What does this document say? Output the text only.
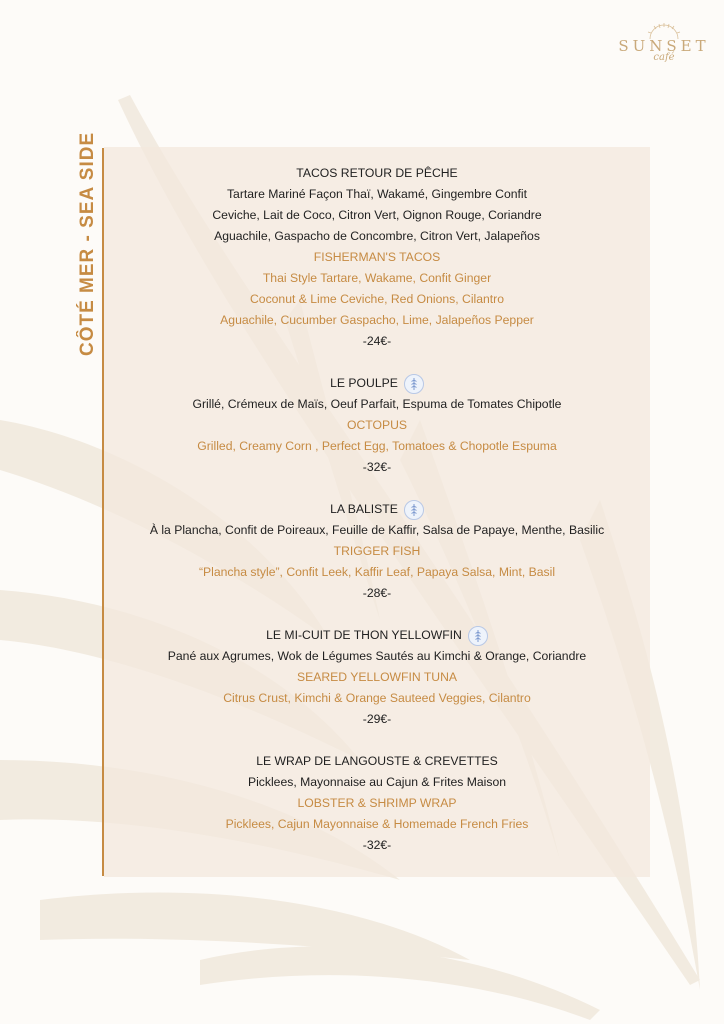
SUNSET
café
CÔTÉ MER - SEA SIDE	TACOS RETOUR DE PÊCHE
Tartare Mariné Façon Thaï, Wakamé, Gingembre Confit
Ceviche, Lait de Coco, Citron Vert, Oignon Rouge, Coriandre
Aguachile, Gaspacho de Concombre, Citron Vert, Jalapeños
FISHERMAN'S TACOS
Thai Style Tartare, Wakame, Confit Ginger
Coconut & Lime Ceviche, Red Onions, Cilantro
Aguachile, Cucumber Gaspacho, Lime, Jalapeños Pepper
-24€-
LE POULPE
Grillé, Crémeux de Maïs, Oeuf Parfait, Espuma de Tomates Chipotle
OCTOPUS
Grilled, Creamy Corn , Perfect Egg, Tomatoes & Chopotle Espuma
-32€-
LA BALISTE
À la Plancha, Confit de Poireaux, Feuille de Kaffir, Salsa de Papaye, Menthe, Basilic
TRIGGER FISH
“Plancha style”, Confit Leek, Kaffir Leaf, Papaya Salsa, Mint, Basil
-28€-
LE MI-CUIT DE THON YELLOWFIN
Pané aux Agrumes, Wok de Légumes Sautés au Kimchi & Orange, Coriandre
SEARED YELLOWFIN TUNA
Citrus Crust, Kimchi & Orange Sauteed Veggies, Cilantro
-29€-
LE WRAP DE LANGOUSTE & CREVETTES
Picklees, Mayonnaise au Cajun & Frites Maison
LOBSTER & SHRIMP WRAP
Picklees, Cajun Mayonnaise & Homemade French Fries
-32€-
